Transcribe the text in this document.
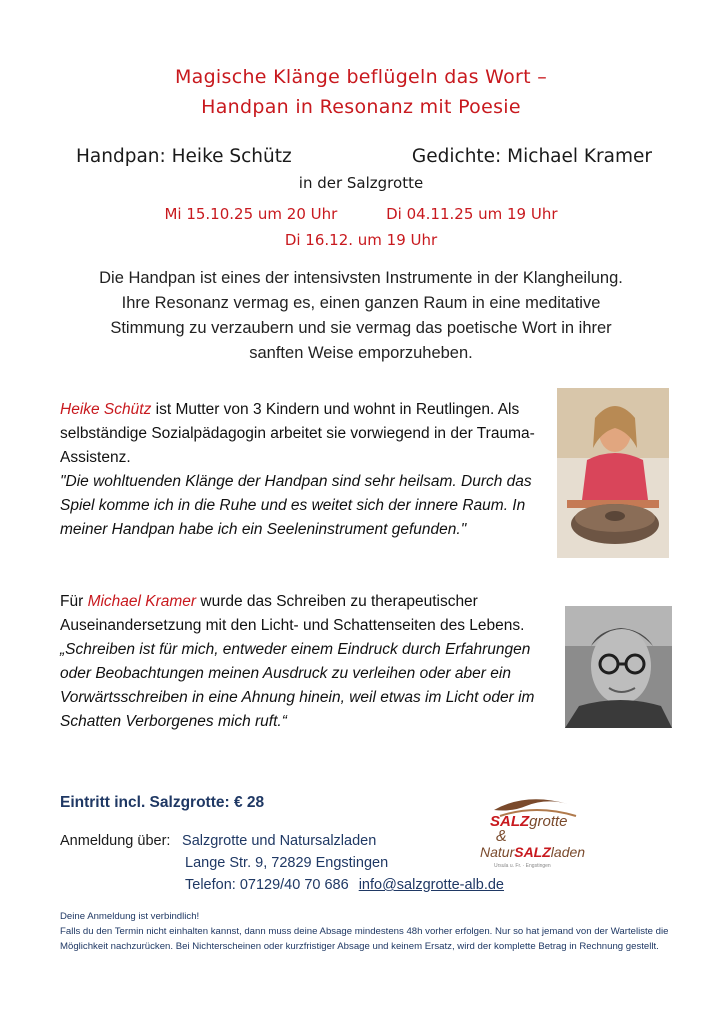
Magische Klänge beflügeln das Wort –
Handpan in Resonanz mit Poesie
Handpan: Heike Schütz	Gedichte: Michael Kramer
in der Salzgrotte
Mi 15.10.25 um 20 Uhr	Di 04.11.25 um 19 Uhr
Di 16.12. um 19 Uhr
Die Handpan ist eines der intensivsten Instrumente in der Klangheilung. Ihre Resonanz vermag es, einen ganzen Raum in eine meditative Stimmung zu verzaubern und sie vermag das poetische Wort in ihrer sanften Weise emporzuheben.
Heike Schütz ist Mutter von 3 Kindern und wohnt in Reutlingen. Als selbständige Sozialpädagogin arbeitet sie vorwiegend in der Trauma-Assistenz.
"Die wohltuenden Klänge der Handpan sind sehr heilsam. Durch das Spiel komme ich in die Ruhe und es weitet sich der innere Raum. In meiner Handpan habe ich ein Seeleninstrument gefunden."
Für Michael Kramer wurde das Schreiben zu therapeutischer Auseinandersetzung mit den Licht- und Schattenseiten des Lebens.
„Schreiben ist für mich, entweder einem Eindruck durch Erfahrungen oder Beobachtungen meinen Ausdruck zu verleihen oder aber ein Vorwärtsschreiben in eine Ahnung hinein, weil etwas im Licht oder im Schatten Verborgenes mich ruft.“
Eintritt incl. Salzgrotte: € 28
Anmeldung über: Salzgrotte und Natursalzladen
Lange Str. 9, 72829 Engstingen
Telefon: 07129/40 70 686 info@salzgrotte-alb.de
SALZgrotte
&
NaturSALZladen
Ursula u. Fr. · Engstingen
Deine Anmeldung ist verbindlich!
Falls du den Termin nicht einhalten kannst, dann muss deine Absage mindestens 48h vorher erfolgen. Nur so hat jemand von der Warteliste die Möglichkeit nachzurücken. Bei Nichterscheinen oder kurzfristiger Absage und keinem Ersatz, wird der komplette Betrag in Rechnung gestellt.
